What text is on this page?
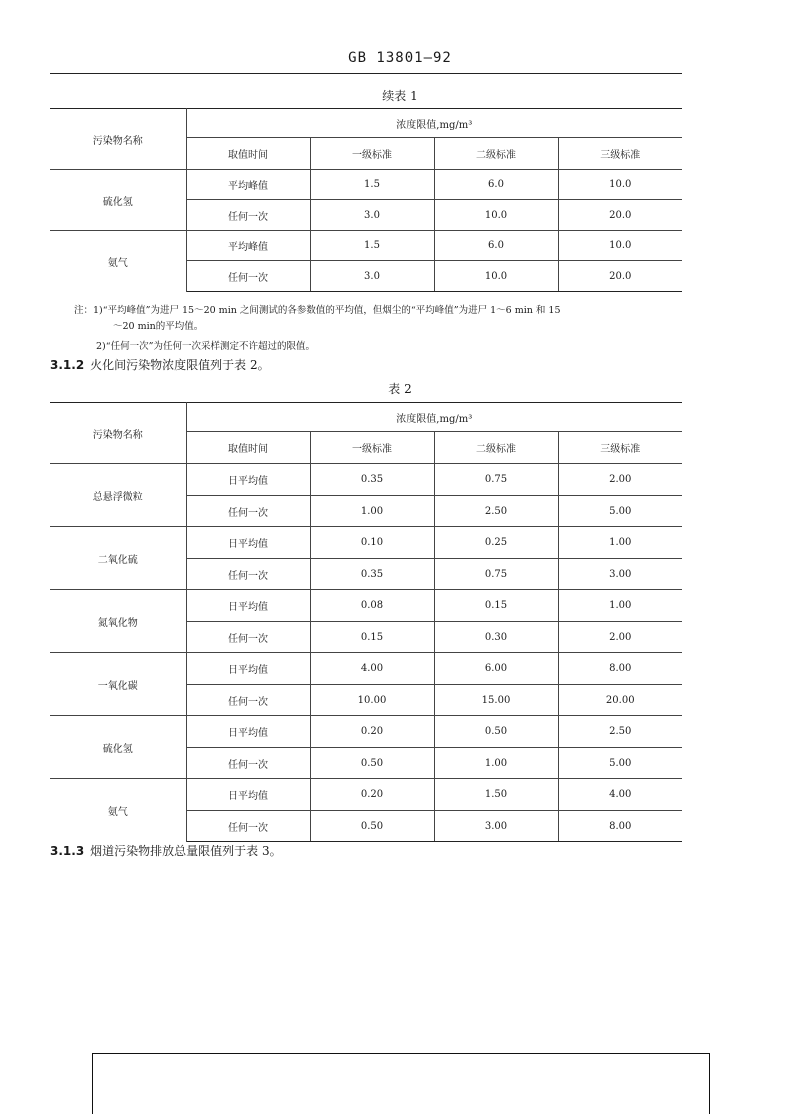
GB 13801—92
续表 1
污染物名称	浓度限值,mg/m³			
	取值时间	一级标准	二级标准	三级标准
硫化氢	平均峰值	1.5	6.0	10.0
	任何一次	3.0	10.0	20.0
氨气	平均峰值	1.5	6.0	10.0
	任何一次	3.0	10.0	20.0
注：1)“平均峰值”为进尸 15～20 min 之间测试的各参数值的平均值，但烟尘的“平均峰值”为进尸 1～6 min 和 15
～20 min的平均值。
2)“任何一次”为任何一次采样测定不许超过的限值。
3.1.2 火化间污染物浓度限值列于表 2。
表 2
污染物名称	浓度限值,mg/m³			
	取值时间	一级标准	二级标准	三级标准
总悬浮微粒	日平均值	0.35	0.75	2.00
	任何一次	1.00	2.50	5.00
二氧化硫	日平均值	0.10	0.25	1.00
	任何一次	0.35	0.75	3.00
氮氧化物	日平均值	0.08	0.15	1.00
	任何一次	0.15	0.30	2.00
一氧化碳	日平均值	4.00	6.00	8.00
	任何一次	10.00	15.00	20.00
硫化氢	日平均值	0.20	0.50	2.50
	任何一次	0.50	1.00	5.00
氨气	日平均值	0.20	1.50	4.00
	任何一次	0.50	3.00	8.00
3.1.3 烟道污染物排放总量限值列于表 3。
